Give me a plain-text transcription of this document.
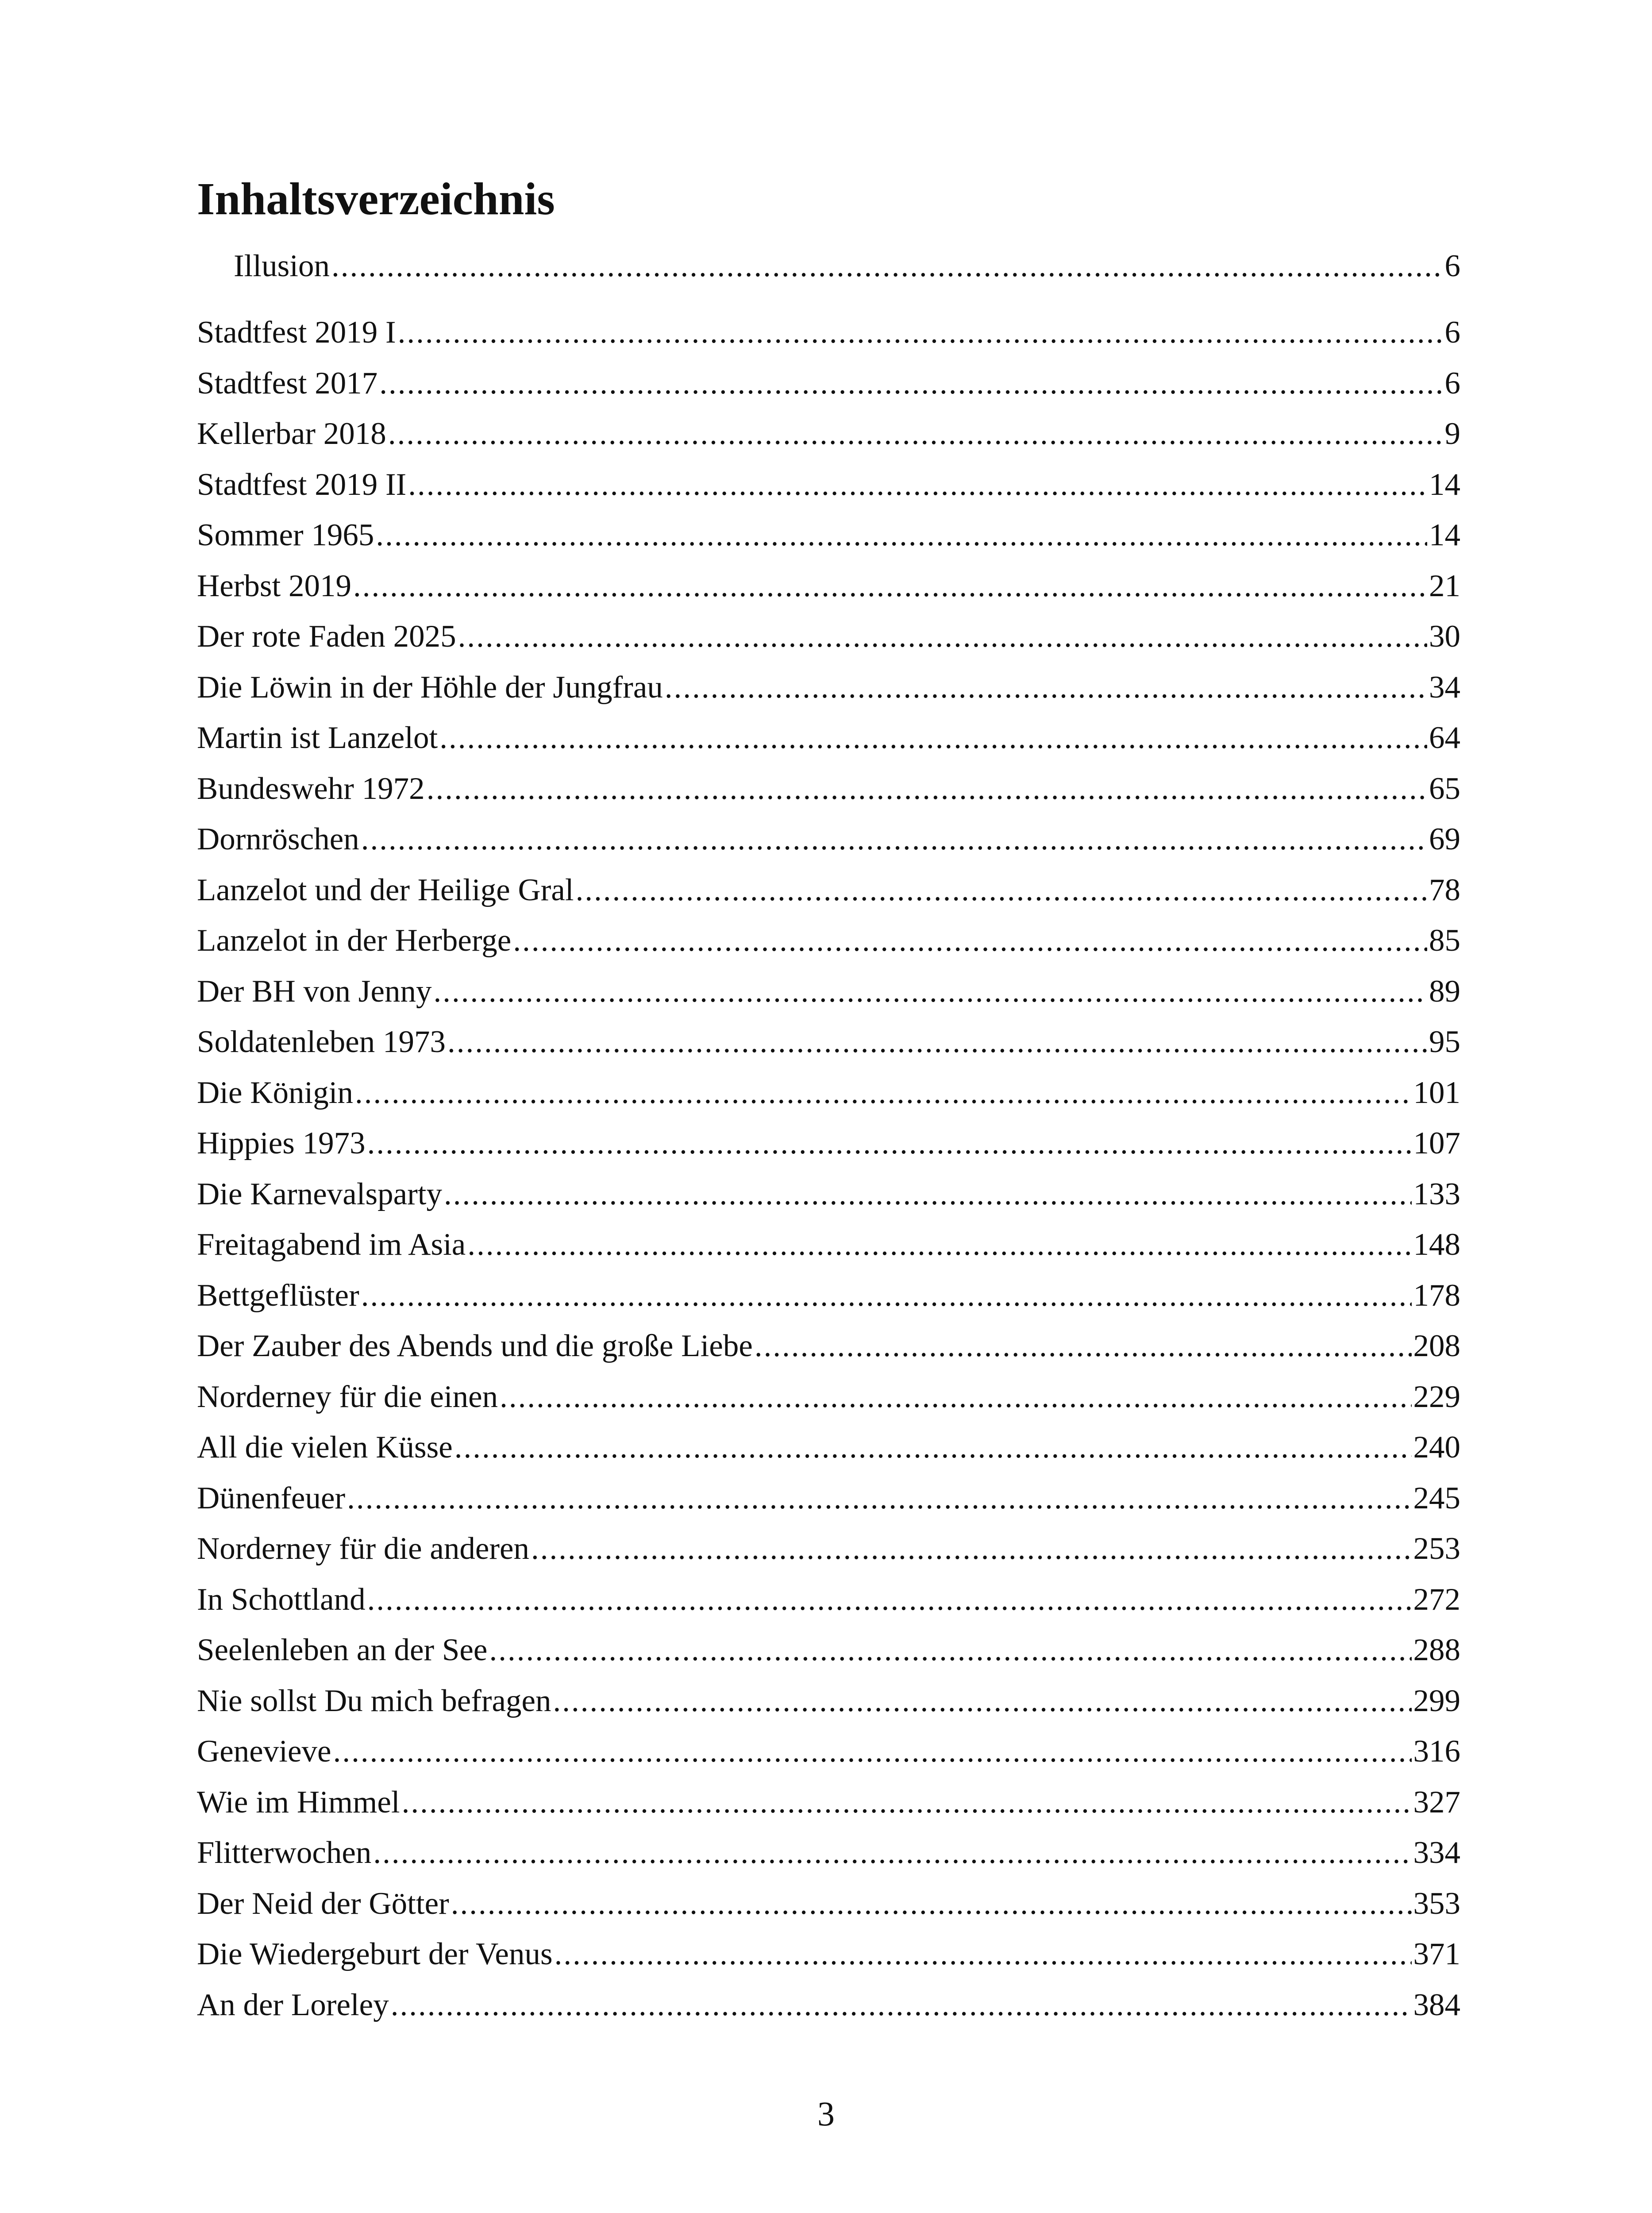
Inhaltsverzeichnis
Illusion .....	6
Stadtfest 2019 I .....	6
Stadtfest 2017 .....	6
Kellerbar 2018 .....	9
Stadtfest 2019 II .....	14
Sommer 1965 .....	14
Herbst 2019 .....	21
Der rote Faden 2025 .....	30
Die Löwin in der Höhle der Jungfrau .....	34
Martin ist Lanzelot .....	64
Bundeswehr 1972 .....	65
Dornröschen .....	69
Lanzelot und der Heilige Gral .....	78
Lanzelot in der Herberge .....	85
Der BH von Jenny .....	89
Soldatenleben 1973 .....	95
Die Königin .....	101
Hippies 1973 .....	107
Die Karnevalsparty .....	133
Freitagabend im Asia .....	148
Bettgeflüster .....	178
Der Zauber des Abends und die große Liebe .....	208
Norderney für die einen .....	229
All die vielen Küsse .....	240
Dünenfeuer .....	245
Norderney für die anderen .....	253
In Schottland .....	272
Seelenleben an der See .....	288
Nie sollst Du mich befragen .....	299
Genevieve .....	316
Wie im Himmel .....	327
Flitterwochen .....	334
Der Neid der Götter .....	353
Die Wiedergeburt der Venus .....	371
An der Loreley .....	384
3
